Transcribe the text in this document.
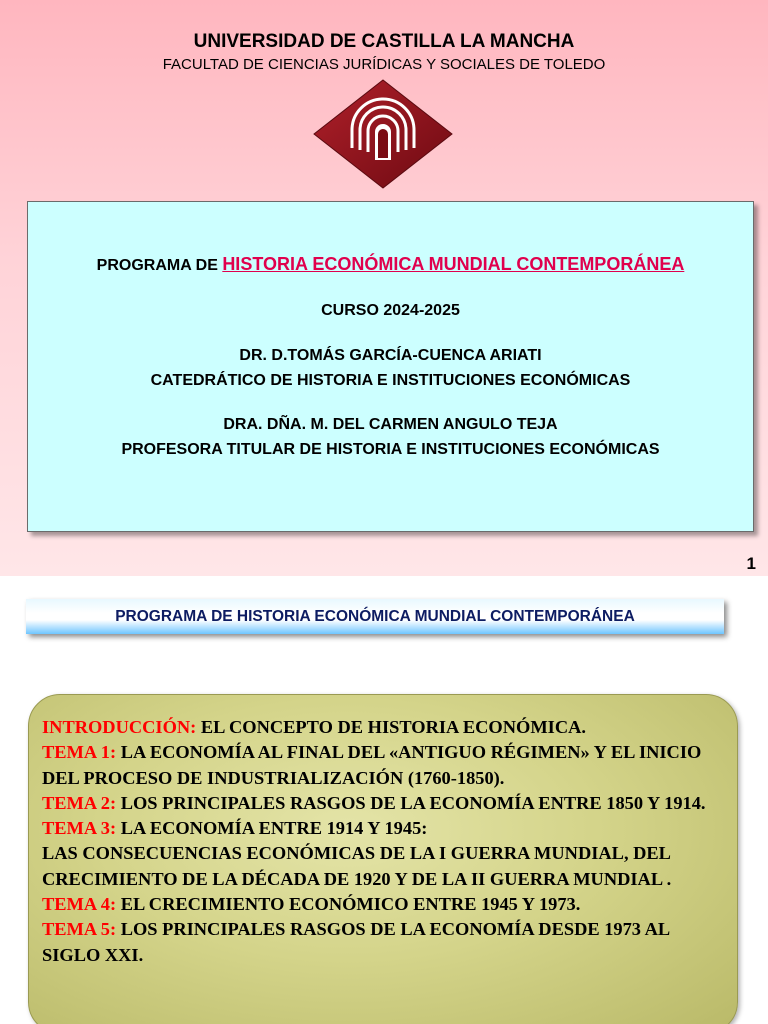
UNIVERSIDAD DE CASTILLA LA MANCHA
FACULTAD DE CIENCIAS JURÍDICAS Y SOCIALES DE TOLEDO
PROGRAMA DE HISTORIA ECONÓMICA MUNDIAL CONTEMPORÁNEA
CURSO 2024-2025
DR. D.TOMÁS GARCÍA-CUENCA ARIATI
CATEDRÁTICO DE HISTORIA E INSTITUCIONES ECONÓMICAS
DRA. DÑA. M. DEL CARMEN ANGULO TEJA
PROFESORA TITULAR DE HISTORIA E INSTITUCIONES ECONÓMICAS
1
PROGRAMA DE HISTORIA ECONÓMICA MUNDIAL CONTEMPORÁNEA
INTRODUCCIÓN: EL CONCEPTO DE HISTORIA ECONÓMICA.
TEMA 1: LA ECONOMÍA AL FINAL DEL «ANTIGUO RÉGIMEN» Y EL INICIO DEL PROCESO DE INDUSTRIALIZACIÓN (1760-1850).
TEMA 2: LOS PRINCIPALES RASGOS DE LA ECONOMÍA ENTRE 1850 Y 1914.
TEMA 3: LA ECONOMÍA ENTRE 1914 Y 1945:
LAS CONSECUENCIAS ECONÓMICAS DE LA I GUERRA MUNDIAL, DEL CRECIMIENTO DE LA DÉCADA DE 1920 Y DE LA II GUERRA MUNDIAL .
TEMA 4: EL CRECIMIENTO ECONÓMICO ENTRE 1945 Y 1973.
TEMA 5: LOS PRINCIPALES RASGOS DE LA ECONOMÍA DESDE 1973 AL SIGLO XXI.
